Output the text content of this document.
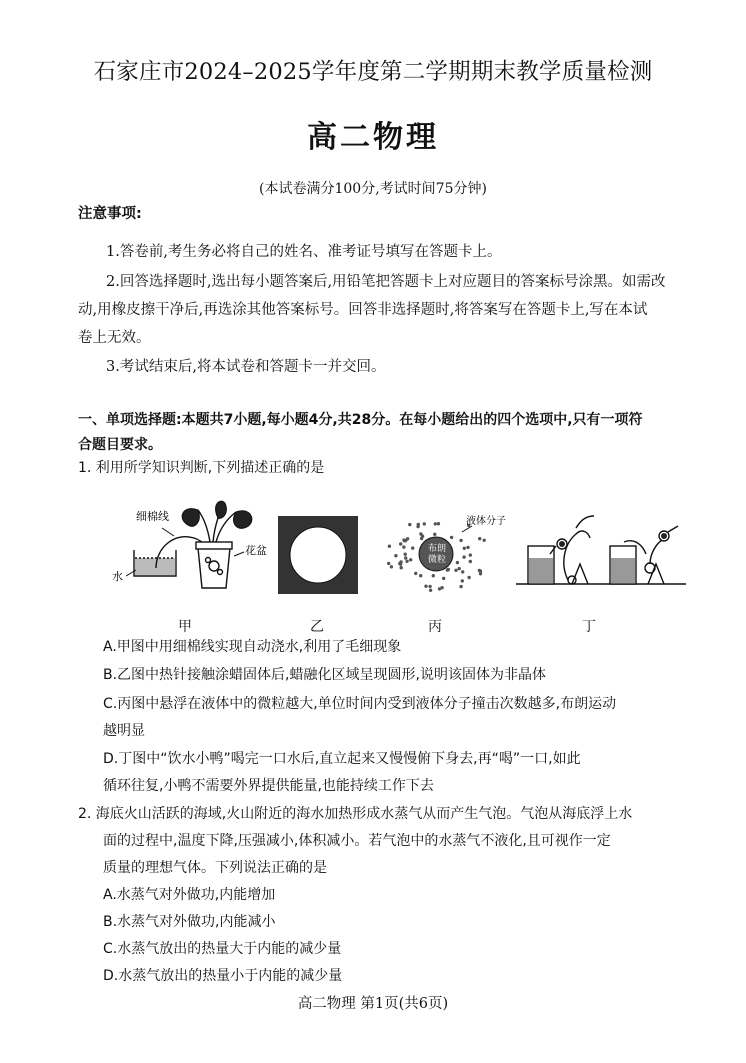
石家庄市2024–2025学年度第二学期期末教学质量检测
高二物理
(本试卷满分100分,考试时间75分钟)
注意事项:
1.答卷前,考生务必将自己的姓名、准考证号填写在答题卡上。
2.回答选择题时,选出每小题答案后,用铅笔把答题卡上对应题目的答案标号涂黑。如需改
动,用橡皮擦干净后,再选涂其他答案标号。回答非选择题时,将答案写在答题卡上,写在本试
卷上无效。
3.考试结束后,将本试卷和答题卡一并交回。
一、单项选择题:本题共7小题,每小题4分,共28分。在每小题给出的四个选项中,只有一项符
合题目要求。
1. 利用所学知识判断,下列描述正确的是
细棉线
花盆
水
布朗
微粒
液体分子
甲	乙	丙	丁
A.甲图中用细棉线实现自动浇水,利用了毛细现象
B.乙图中热针接触涂蜡固体后,蜡融化区域呈现圆形,说明该固体为非晶体
C.丙图中悬浮在液体中的微粒越大,单位时间内受到液体分子撞击次数越多,布朗运动
越明显
D.丁图中“饮水小鸭”喝完一口水后,直立起来又慢慢俯下身去,再“喝”一口,如此
循环往复,小鸭不需要外界提供能量,也能持续工作下去
2. 海底火山活跃的海域,火山附近的海水加热形成水蒸气从而产生气泡。气泡从海底浮上水
面的过程中,温度下降,压强减小,体积减小。若气泡中的水蒸气不液化,且可视作一定
质量的理想气体。下列说法正确的是
A.水蒸气对外做功,内能增加
B.水蒸气对外做功,内能减小
C.水蒸气放出的热量大于内能的减少量
D.水蒸气放出的热量小于内能的减少量
高二物理 第1页(共6页)
